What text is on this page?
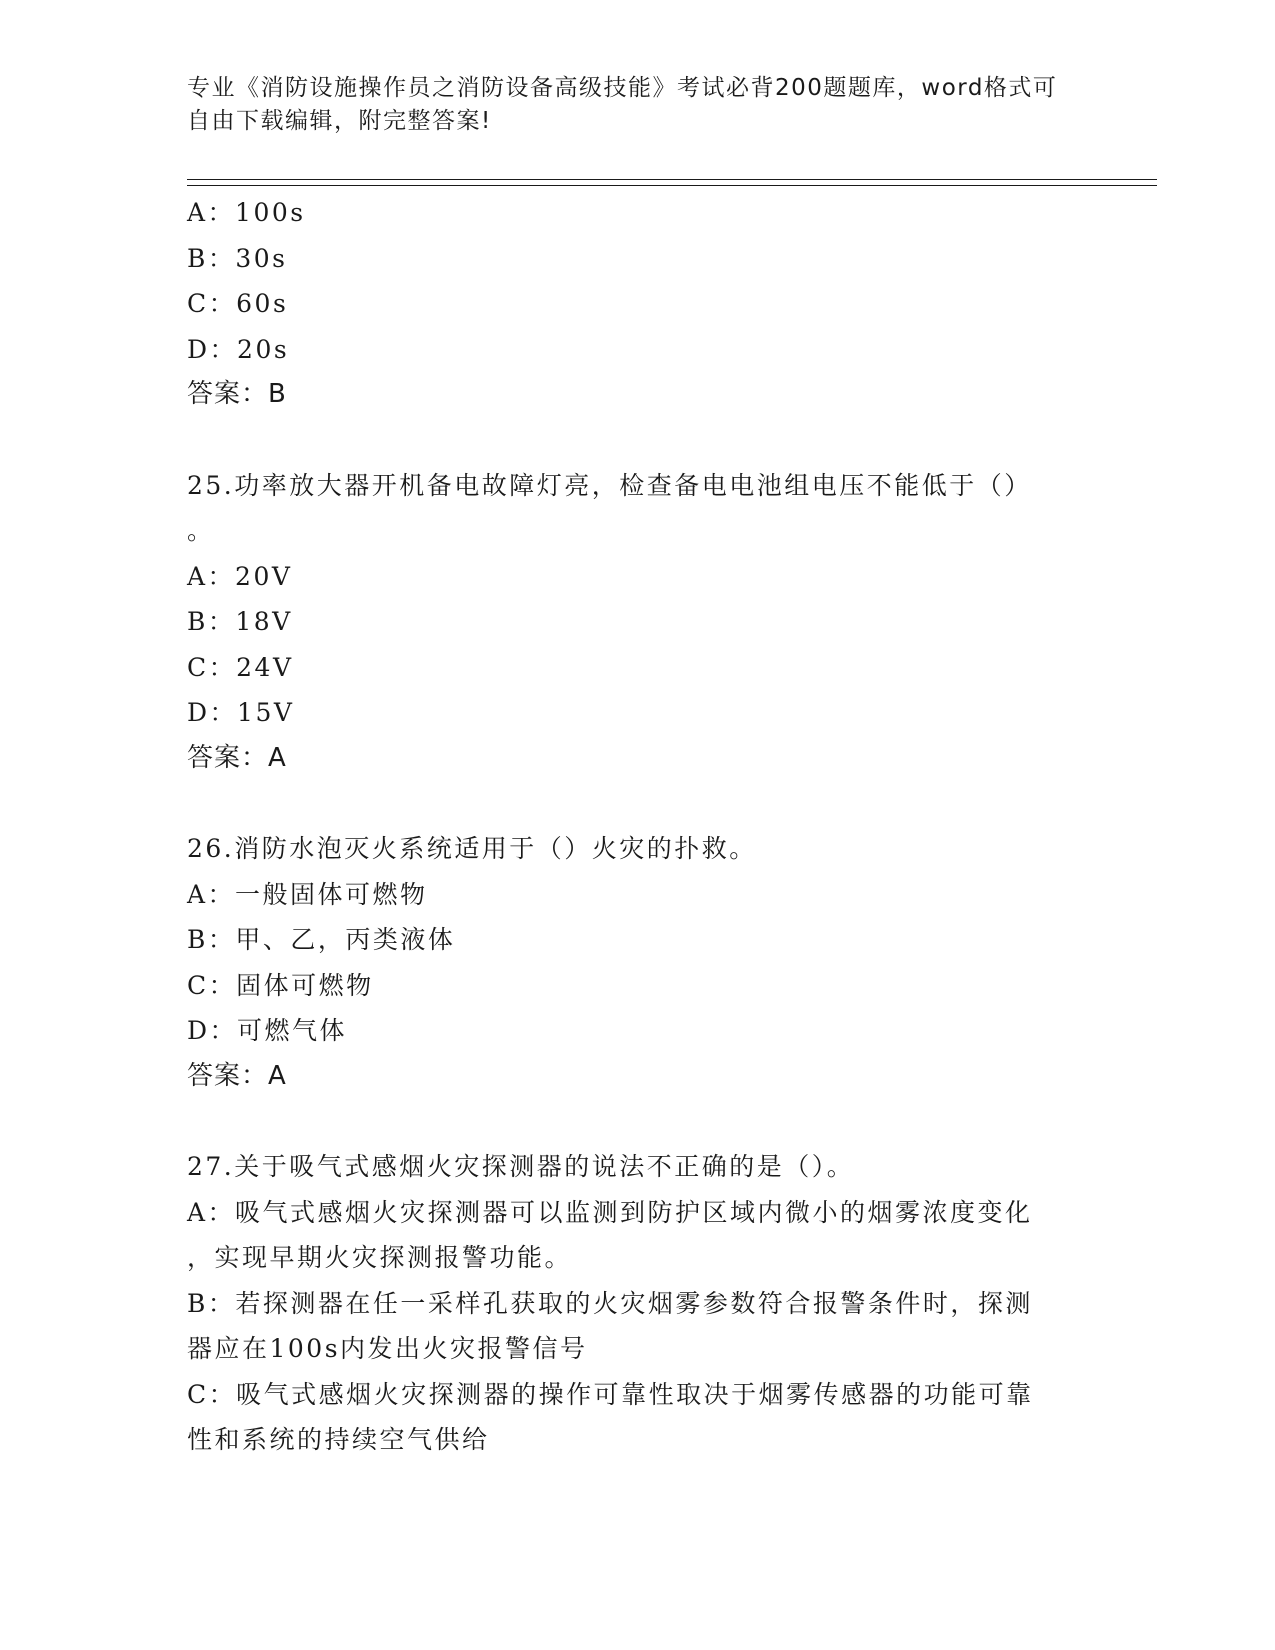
专业《消防设施操作员之消防设备高级技能》考试必背200题题库，word格式可
自由下载编辑，附完整答案!
A：100s
B：30s
C：60s
D：20s
答案：B
25.功率放大器开机备电故障灯亮，检查备电电池组电压不能低于（）
。
A：20V
B：18V
C：24V
D：15V
答案：A
26.消防水泡灭火系统适用于（）火灾的扑救。
A：一般固体可燃物
B：甲、乙，丙类液体
C：固体可燃物
D：可燃气体
答案：A
27.关于吸气式感烟火灾探测器的说法不正确的是（）。
A：吸气式感烟火灾探测器可以监测到防护区域内微小的烟雾浓度变化
，实现早期火灾探测报警功能。
B：若探测器在任一采样孔获取的火灾烟雾参数符合报警条件时，探测
器应在100s内发出火灾报警信号
C：吸气式感烟火灾探测器的操作可靠性取决于烟雾传感器的功能可靠
性和系统的持续空气供给
